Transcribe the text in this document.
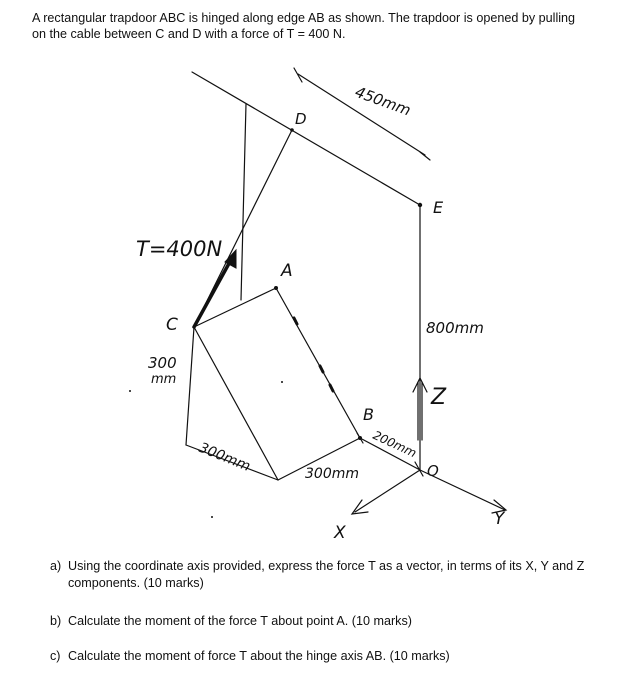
A rectangular trapdoor ABC is hinged along edge AB as shown. The trapdoor is opened by pulling
on the cable between C and D with a force of T = 400 N.

T=400N
A
B
C
D
E
O
X
Y
Z
450mm
800mm
300
mm
300mm	300mm
200mm

a) Using the coordinate axis provided, express the force T as a vector, in terms of its X, Y and Z
components. (10 marks)

b) Calculate the moment of the force T about point A. (10 marks)

c) Calculate the moment of force T about the hinge axis AB. (10 marks)
